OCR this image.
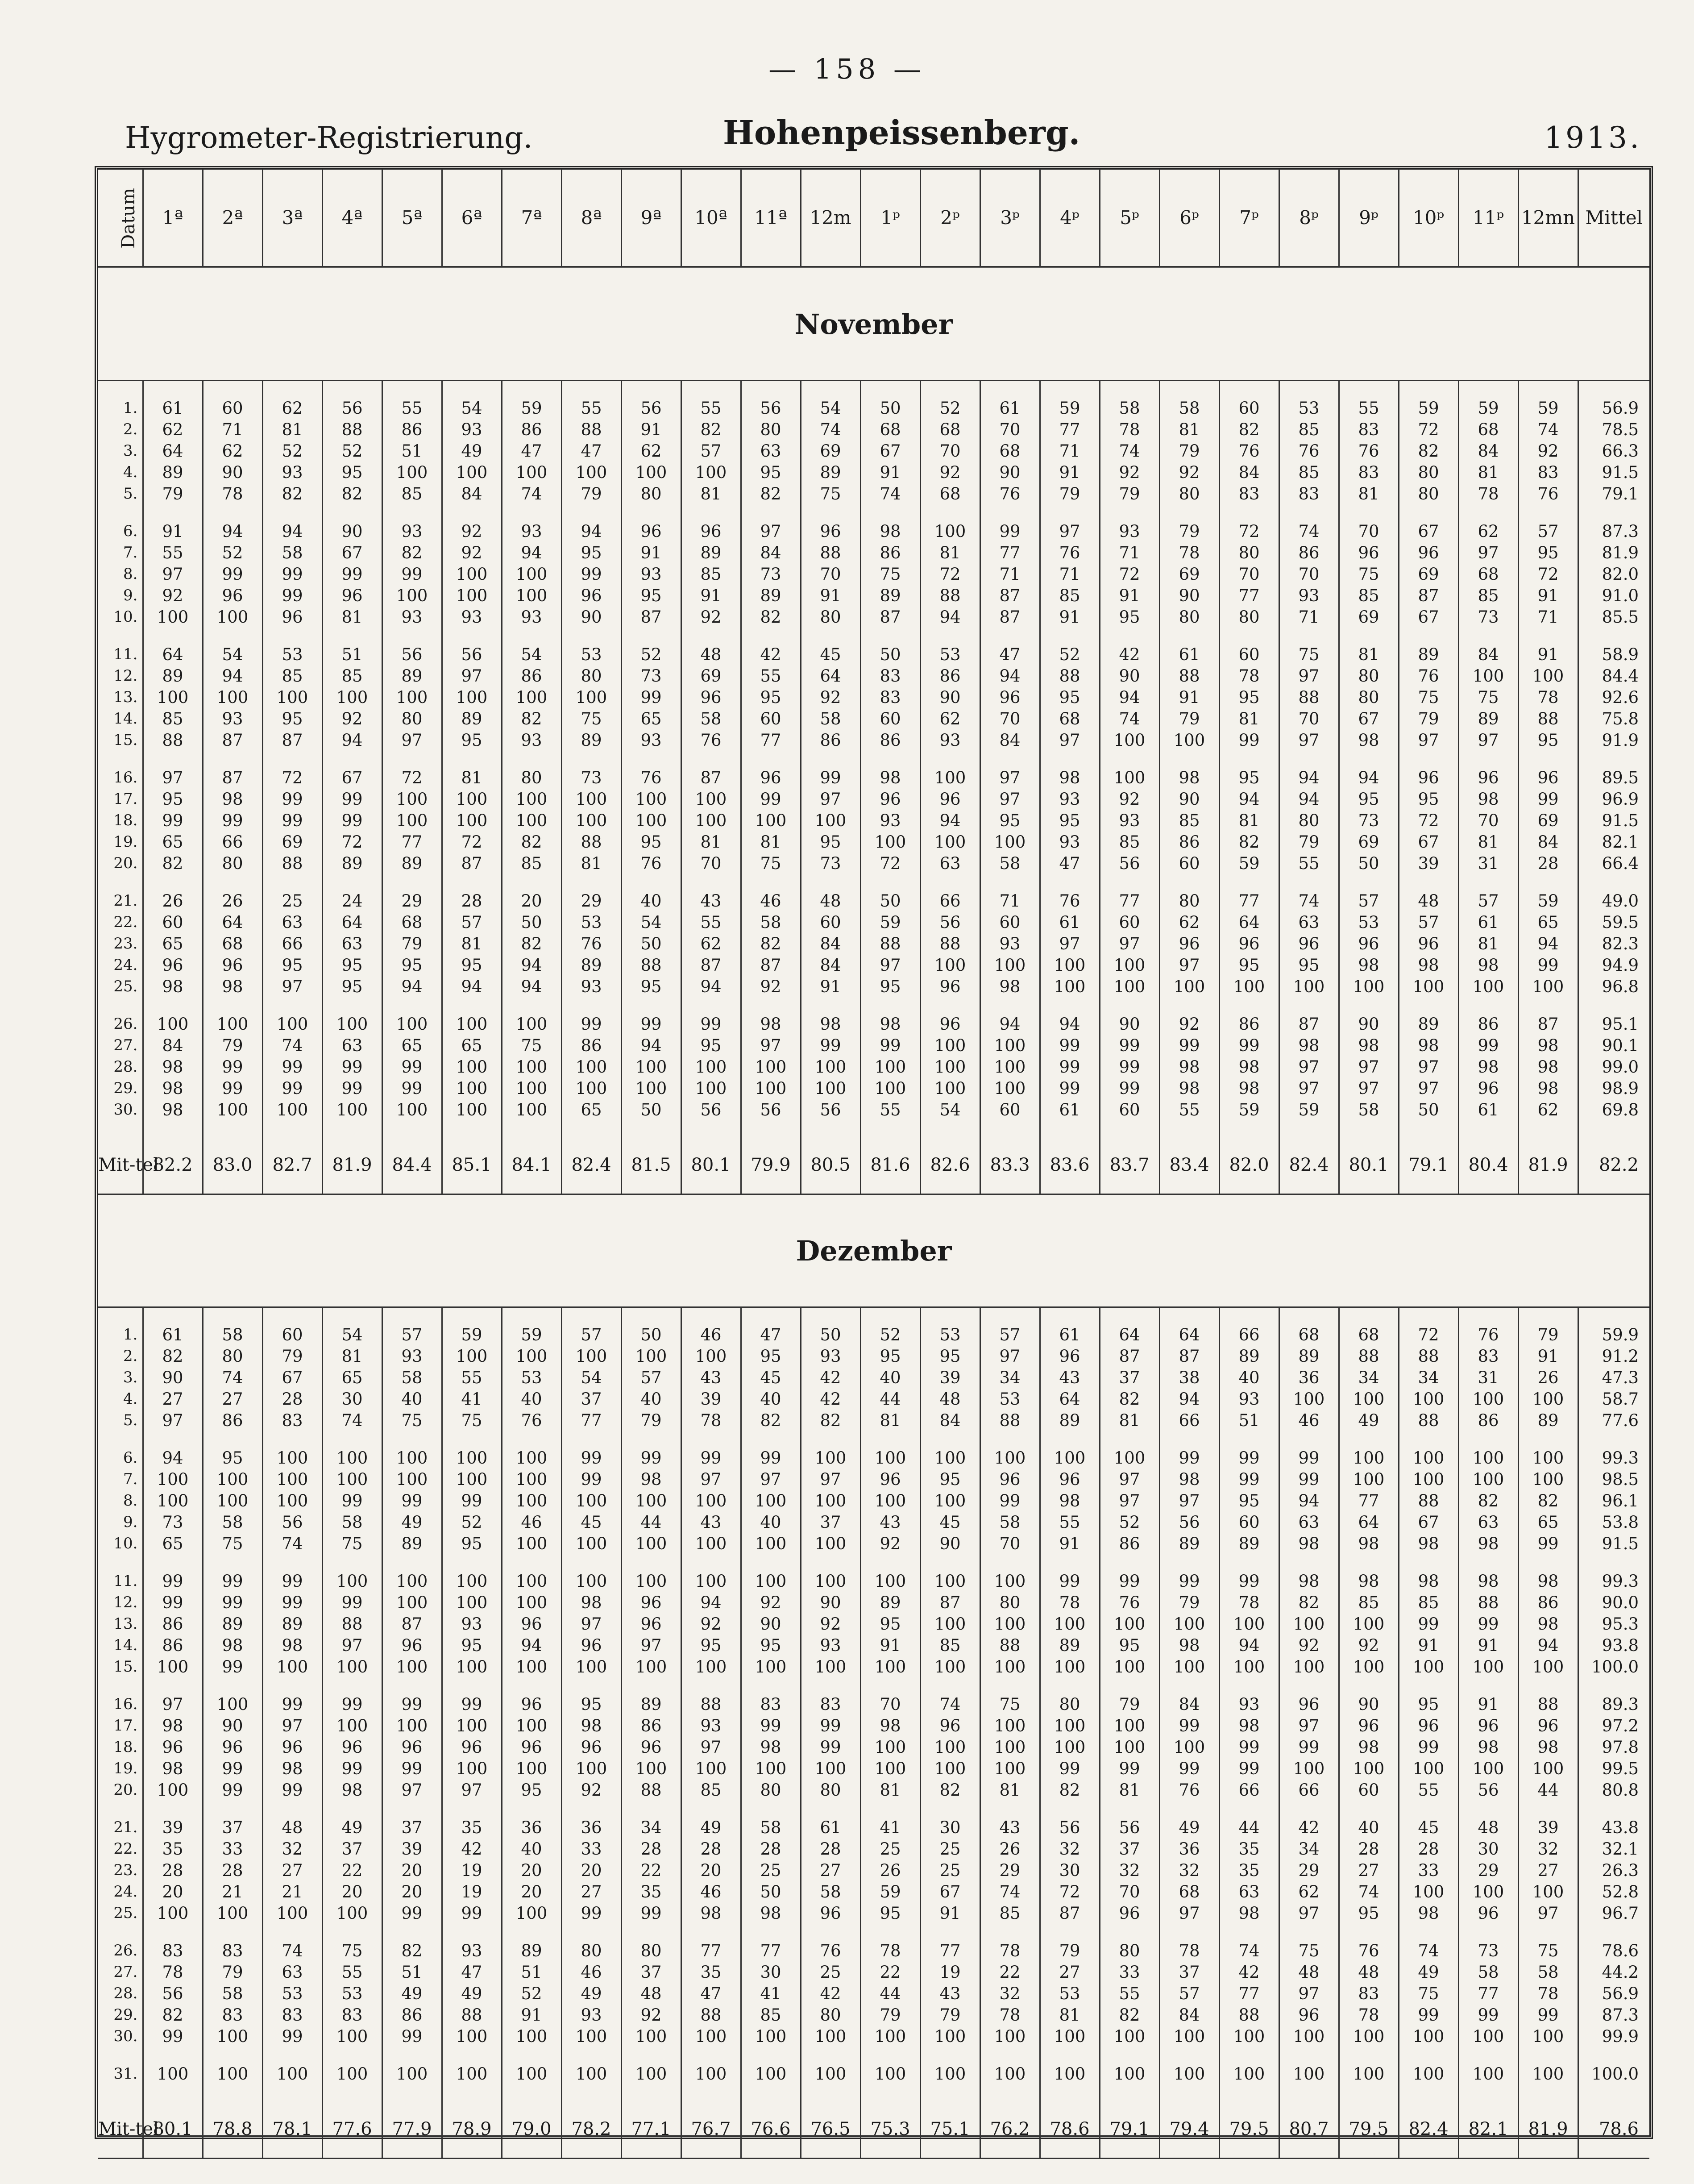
— 158 —
Hygrometer-Registrierung.	Hohenpeissenberg.	1913.
Datum	1ª	2ª	3ª	4ª	5ª	6ª	7ª	8ª	9ª	10ª	11ª	12m	1ᵖ	2ᵖ	3ᵖ	4ᵖ	5ᵖ	6ᵖ	7ᵖ	8ᵖ	9ᵖ	10ᵖ	11ᵖ	12mn	Mittel
November																									

1.	61	60	62	56	55	54	59	55	56	55	56	54	50	52	61	59	58	58	60	53	55	59	59	59	56.9
2.	62	71	81	88	86	93	86	88	91	82	80	74	68	68	70	77	78	81	82	85	83	72	68	74	78.5
3.	64	62	52	52	51	49	47	47	62	57	63	69	67	70	68	71	74	79	76	76	76	82	84	92	66.3
4.	89	90	93	95	100	100	100	100	100	100	95	89	91	92	90	91	92	92	84	85	83	80	81	83	91.5
5.	79	78	82	82	85	84	74	79	80	81	82	75	74	68	76	79	79	80	83	83	81	80	78	76	79.1

6.	91	94	94	90	93	92	93	94	96	96	97	96	98	100	99	97	93	79	72	74	70	67	62	57	87.3
7.	55	52	58	67	82	92	94	95	91	89	84	88	86	81	77	76	71	78	80	86	96	96	97	95	81.9
8.	97	99	99	99	99	100	100	99	93	85	73	70	75	72	71	71	72	69	70	70	75	69	68	72	82.0
9.	92	96	99	96	100	100	100	96	95	91	89	91	89	88	87	85	91	90	77	93	85	87	85	91	91.0
10.	100	100	96	81	93	93	93	90	87	92	82	80	87	94	87	91	95	80	80	71	69	67	73	71	85.5

11.	64	54	53	51	56	56	54	53	52	48	42	45	50	53	47	52	42	61	60	75	81	89	84	91	58.9
12.	89	94	85	85	89	97	86	80	73	69	55	64	83	86	94	88	90	88	78	97	80	76	100	100	84.4
13.	100	100	100	100	100	100	100	100	99	96	95	92	83	90	96	95	94	91	95	88	80	75	75	78	92.6
14.	85	93	95	92	80	89	82	75	65	58	60	58	60	62	70	68	74	79	81	70	67	79	89	88	75.8
15.	88	87	87	94	97	95	93	89	93	76	77	86	86	93	84	97	100	100	99	97	98	97	97	95	91.9

16.	97	87	72	67	72	81	80	73	76	87	96	99	98	100	97	98	100	98	95	94	94	96	96	96	89.5
17.	95	98	99	99	100	100	100	100	100	100	99	97	96	96	97	93	92	90	94	94	95	95	98	99	96.9
18.	99	99	99	99	100	100	100	100	100	100	100	100	93	94	95	95	93	85	81	80	73	72	70	69	91.5
19.	65	66	69	72	77	72	82	88	95	81	81	95	100	100	100	93	85	86	82	79	69	67	81	84	82.1
20.	82	80	88	89	89	87	85	81	76	70	75	73	72	63	58	47	56	60	59	55	50	39	31	28	66.4

21.	26	26	25	24	29	28	20	29	40	43	46	48	50	66	71	76	77	80	77	74	57	48	57	59	49.0
22.	60	64	63	64	68	57	50	53	54	55	58	60	59	56	60	61	60	62	64	63	53	57	61	65	59.5
23.	65	68	66	63	79	81	82	76	50	62	82	84	88	88	93	97	97	96	96	96	96	96	81	94	82.3
24.	96	96	95	95	95	95	94	89	88	87	87	84	97	100	100	100	100	97	95	95	98	98	98	99	94.9
25.	98	98	97	95	94	94	94	93	95	94	92	91	95	96	98	100	100	100	100	100	100	100	100	100	96.8

26.	100	100	100	100	100	100	100	99	99	99	98	98	98	96	94	94	90	92	86	87	90	89	86	87	95.1
27.	84	79	74	63	65	65	75	86	94	95	97	99	99	100	100	99	99	99	99	98	98	98	99	98	90.1
28.	98	99	99	99	99	100	100	100	100	100	100	100	100	100	100	99	99	98	98	97	97	97	98	98	99.0
29.	98	99	99	99	99	100	100	100	100	100	100	100	100	100	100	99	99	98	98	97	97	97	96	98	98.9
30.	98	100	100	100	100	100	100	65	50	56	56	56	55	54	60	61	60	55	59	59	58	50	61	62	69.8

Mit-tel	82.2	83.0	82.7	81.9	84.4	85.1	84.1	82.4	81.5	80.1	79.9	80.5	81.6	82.6	83.3	83.6	83.7	83.4	82.0	82.4	80.1	79.1	80.4	81.9	82.2
Dezember																									

1.	61	58	60	54	57	59	59	57	50	46	47	50	52	53	57	61	64	64	66	68	68	72	76	79	59.9
2.	82	80	79	81	93	100	100	100	100	100	95	93	95	95	97	96	87	87	89	89	88	88	83	91	91.2
3.	90	74	67	65	58	55	53	54	57	43	45	42	40	39	34	43	37	38	40	36	34	34	31	26	47.3
4.	27	27	28	30	40	41	40	37	40	39	40	42	44	48	53	64	82	94	93	100	100	100	100	100	58.7
5.	97	86	83	74	75	75	76	77	79	78	82	82	81	84	88	89	81	66	51	46	49	88	86	89	77.6

6.	94	95	100	100	100	100	100	99	99	99	99	100	100	100	100	100	100	99	99	99	100	100	100	100	99.3
7.	100	100	100	100	100	100	100	99	98	97	97	97	96	95	96	96	97	98	99	99	100	100	100	100	98.5
8.	100	100	100	99	99	99	100	100	100	100	100	100	100	100	99	98	97	97	95	94	77	88	82	82	96.1
9.	73	58	56	58	49	52	46	45	44	43	40	37	43	45	58	55	52	56	60	63	64	67	63	65	53.8
10.	65	75	74	75	89	95	100	100	100	100	100	100	92	90	70	91	86	89	89	98	98	98	98	99	91.5

11.	99	99	99	100	100	100	100	100	100	100	100	100	100	100	100	99	99	99	99	98	98	98	98	98	99.3
12.	99	99	99	99	100	100	100	98	96	94	92	90	89	87	80	78	76	79	78	82	85	85	88	86	90.0
13.	86	89	89	88	87	93	96	97	96	92	90	92	95	100	100	100	100	100	100	100	100	99	99	98	95.3
14.	86	98	98	97	96	95	94	96	97	95	95	93	91	85	88	89	95	98	94	92	92	91	91	94	93.8
15.	100	99	100	100	100	100	100	100	100	100	100	100	100	100	100	100	100	100	100	100	100	100	100	100	100.0

16.	97	100	99	99	99	99	96	95	89	88	83	83	70	74	75	80	79	84	93	96	90	95	91	88	89.3
17.	98	90	97	100	100	100	100	98	86	93	99	99	98	96	100	100	100	99	98	97	96	96	96	96	97.2
18.	96	96	96	96	96	96	96	96	96	97	98	99	100	100	100	100	100	100	99	99	98	99	98	98	97.8
19.	98	99	98	99	99	100	100	100	100	100	100	100	100	100	100	99	99	99	99	100	100	100	100	100	99.5
20.	100	99	99	98	97	97	95	92	88	85	80	80	81	82	81	82	81	76	66	66	60	55	56	44	80.8

21.	39	37	48	49	37	35	36	36	34	49	58	61	41	30	43	56	56	49	44	42	40	45	48	39	43.8
22.	35	33	32	37	39	42	40	33	28	28	28	28	25	25	26	32	37	36	35	34	28	28	30	32	32.1
23.	28	28	27	22	20	19	20	20	22	20	25	27	26	25	29	30	32	32	35	29	27	33	29	27	26.3
24.	20	21	21	20	20	19	20	27	35	46	50	58	59	67	74	72	70	68	63	62	74	100	100	100	52.8
25.	100	100	100	100	99	99	100	99	99	98	98	96	95	91	85	87	96	97	98	97	95	98	96	97	96.7

26.	83	83	74	75	82	93	89	80	80	77	77	76	78	77	78	79	80	78	74	75	76	74	73	75	78.6
27.	78	79	63	55	51	47	51	46	37	35	30	25	22	19	22	27	33	37	42	48	48	49	58	58	44.2
28.	56	58	53	53	49	49	52	49	48	47	41	42	44	43	32	53	55	57	77	97	83	75	77	78	56.9
29.	82	83	83	83	86	88	91	93	92	88	85	80	79	79	78	81	82	84	88	96	78	99	99	99	87.3
30.	99	100	99	100	99	100	100	100	100	100	100	100	100	100	100	100	100	100	100	100	100	100	100	100	99.9

31.	100	100	100	100	100	100	100	100	100	100	100	100	100	100	100	100	100	100	100	100	100	100	100	100	100.0

Mit-tel	80.1	78.8	78.1	77.6	77.9	78.9	79.0	78.2	77.1	76.7	76.6	76.5	75.3	75.1	76.2	78.6	79.1	79.4	79.5	80.7	79.5	82.4	82.1	81.9	78.6
